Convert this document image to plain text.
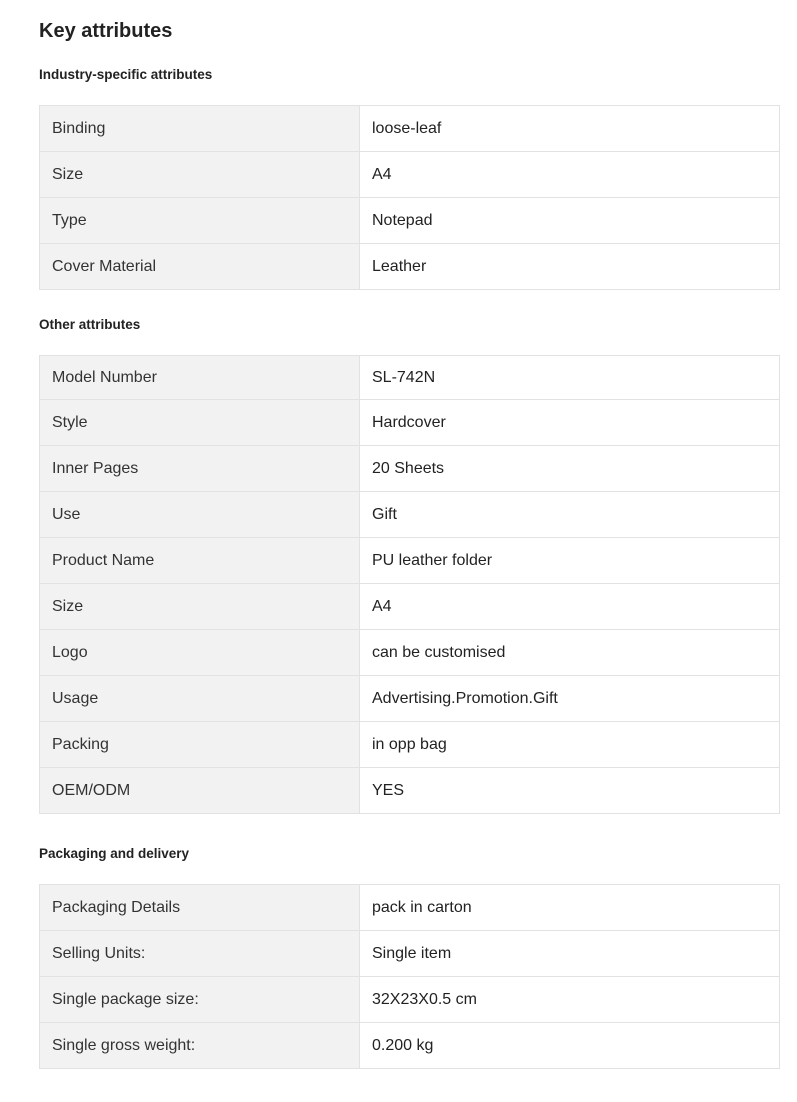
Key attributes
Industry-specific attributes
Binding	loose-leaf
Size	A4
Type	Notepad
Cover Material	Leather
Other attributes
Model Number	SL-742N
Style	Hardcover
Inner Pages	20 Sheets
Use	Gift
Product Name	PU leather folder
Size	A4
Logo	can be customised
Usage	Advertising.Promotion.Gift
Packing	in opp bag
OEM/ODM	YES
Packaging and delivery
Packaging Details	pack in carton
Selling Units:	Single item
Single package size:	32X23X0.5 cm
Single gross weight:	0.200 kg
